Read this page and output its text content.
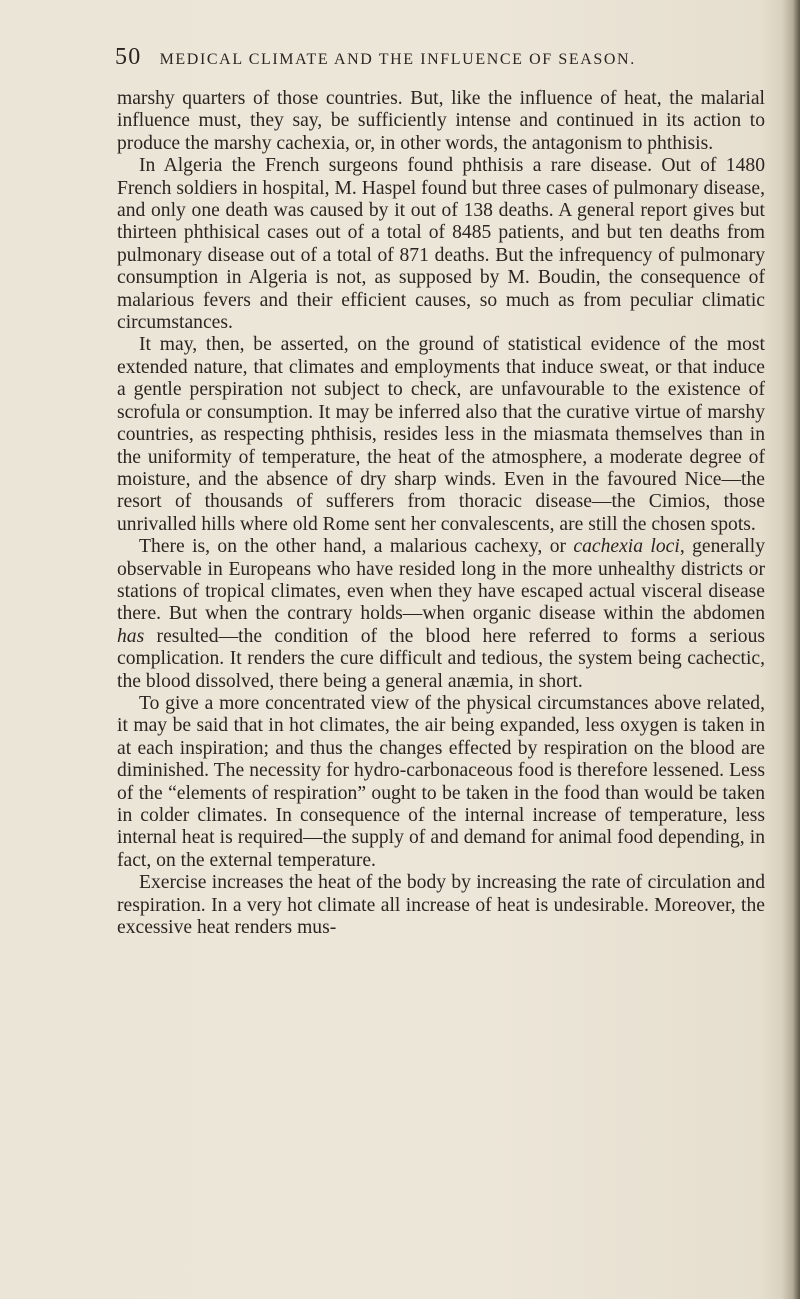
50 MEDICAL CLIMATE AND THE INFLUENCE OF SEASON.

marshy quarters of those countries. But, like the influence of heat, the malarial influence must, they say, be sufficiently intense and continued in its action to produce the marshy cachexia, or, in other words, the antagonism to phthisis.

In Algeria the French surgeons found phthisis a rare disease. Out of 1480 French soldiers in hospital, M. Haspel found but three cases of pulmonary disease, and only one death was caused by it out of 138 deaths. A general report gives but thirteen phthisical cases out of a total of 8485 patients, and but ten deaths from pulmonary disease out of a total of 871 deaths. But the infrequency of pulmonary consumption in Algeria is not, as supposed by M. Boudin, the consequence of malarious fevers and their efficient causes, so much as from peculiar climatic circumstances.

It may, then, be asserted, on the ground of statistical evidence of the most extended nature, that climates and employments that induce sweat, or that induce a gentle perspiration not subject to check, are unfavourable to the existence of scrofula or consumption. It may be inferred also that the curative virtue of marshy countries, as respecting phthisis, resides less in the miasmata themselves than in the uniformity of temperature, the heat of the atmosphere, a moderate degree of moisture, and the absence of dry sharp winds. Even in the favoured Nice—the resort of thousands of sufferers from thoracic disease—the Cimios, those unrivalled hills where old Rome sent her convalescents, are still the chosen spots.

There is, on the other hand, a malarious cachexy, or cachexia loci, generally observable in Europeans who have resided long in the more unhealthy districts or stations of tropical climates, even when they have escaped actual visceral disease there. But when the contrary holds—when organic disease within the abdomen has resulted—the condition of the blood here referred to forms a serious complication. It renders the cure difficult and tedious, the system being cachectic, the blood dissolved, there being a general anæmia, in short.

To give a more concentrated view of the physical circumstances above related, it may be said that in hot climates, the air being expanded, less oxygen is taken in at each inspiration; and thus the changes effected by respiration on the blood are diminished. The necessity for hydro-carbonaceous food is therefore lessened. Less of the “elements of respiration” ought to be taken in the food than would be taken in colder climates. In consequence of the internal increase of temperature, less internal heat is required—the supply of and demand for animal food depending, in fact, on the external temperature.

Exercise increases the heat of the body by increasing the rate of circulation and respiration. In a very hot climate all increase of heat is undesirable. Moreover, the excessive heat renders mus-
